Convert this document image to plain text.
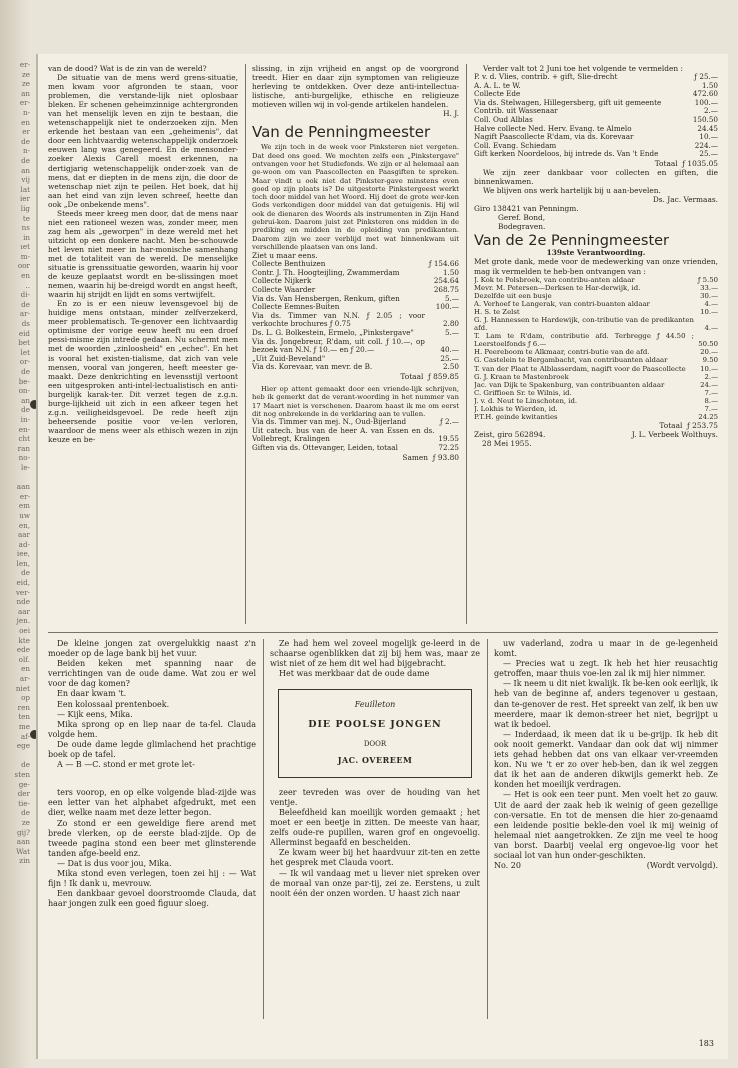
er-
ze
ze
an
er-
n-
en
er
de
n-
de
an
vij
lat
ier
lig
te
ns
in
ıet
m-
oor
en
..
di-
de
ar-
ds
eid
bet
let
or-
de
be-
on-
an
de
in-
en-
cht
ran
no-
le-
aan
er-
em
uw
en,
aar
ad-
iee,
len,
de
eid,
ver-
nde
aar
jen.
oei
kte
ede
olf.
en
ar-
niet
op
ren
ten
me
af-
ege
de
sten
ge-
der
tie-
de
ze
gij?
aan
Wat
zin

van de dood? Wat is de zin van de wereld?

De situatie van de mens werd grens-situatie, men kwam voor afgronden te staan, voor problemen, die verstande-lijk niet oplosbaar bleken. Er schenen geheimzinnige achtergronden van het menselijk leven en zijn te bestaan, die wetenschappelijk niet te onderzoeken zijn. Men erkende het bestaan van een „geheimenis", dat door een lichtvaardig wetenschappelijk onderzoek eeuwen lang was genegeerd. En de mensonder-zoeker Alexis Carell moest erkennen, na dertigjarig wetenschappelijk onder-zoek van de mens, dat er diepten in de mens zijn, die door de wetenschap niet zijn te peilen. Het boek, dat hij aan het eind van zijn leven schreef, heette dan ook „De onbekende mens".

Steeds meer kreeg men door, dat de mens naar niet een rationeel wezen was, zonder meer, men zag hem als „geworpen" in deze wereld met het uitzicht op een donkere nacht. Men be-schouwde het leven niet meer in har-monische samenhang met de totaliteit van de wereld. De menselijke situatie is grenssituatie geworden, waarin hij voor de keuze geplaatst wordt en be-slissingen moet nemen, waarin hij be-dreigd wordt en angst heeft, waarin hij strijdt en lijdt en soms vertwijfelt.

En zo is er een nieuw levensgevoel bij de huidige mens ontstaan, minder zelfverzekerd, meer problematisch. Te-genover een lichtvaardig optimisme der vorige eeuw heeft nu een droef pessi-misme zijn intrede gedaan. Nu schermt men met de woorden „zinloosheid" en „echec". En het is vooral het existen-tialisme, dat zich van vele mensen, vooral van jongeren, heeft meester ge-maakt. Deze denkrichting en levensstijl vertoont een uitgesproken anti-intel-lectualistisch en anti-burgelijk karak-ter. Dit verzet tegen de z.g.n. burge-lijkheid uit zich in een afkeer tegen het z.g.n. veiligheidsgevoel. De rede heeft zijn beheersende positie voor ve-len verloren, waardoor de mens weer als ethisch wezen in zijn keuze en be-

slissing, in zijn vrijheid en angst op de voorgrond treedt. Hier en daar zijn symptomen van religieuze herleving te ontdekken. Over deze anti-intellectua-listische, anti-burgelijke, ethische en religieuze motieven willen wij in vol-gende artikelen handelen.

H. J.
Van de Penningmeester

We zijn toch in de week voor Pinksteren niet vergeten. Dat deed ons goed. We mochten zelfs een „Pinkstergave" ontvangen voor het Studiefonds. We zijn er al helemaal aan ge-woon om van Paascollecten en Paasgiften te spreken. Maar vindt u ook niet dat Pinkster-gave minstens even goed op zijn plaats is? De uitgestorte Pinkstergeest werkt toch door middel van het Woord. Hij doet de grote wer-ken Gods verkondigen door middel van dat getuigenis. Hij wil ook de dienaren des Woords als instrumenten in Zijn Hand gebrui-ken. Daarom juist zet Pinksteren ons midden in de prediking en midden in de opleiding van predikanten. Daarom zijn we zeer verblijd met wat binnenkwam uit verschillende plaatsen van ons land.

Ziet u maar eens.
Collecte Benthuizen	ƒ 154.66
Contr. J. Th. Hoogteijling, Zwammerdam	1.50
Collecte Nijkerk	254.64
Collecte Waarder	268.75
Via ds. Van Hensbergen, Renkum, giften	5.—
Collecte Eemnes-Buiten	100.—
Via ds. Timmer van N.N. ƒ 2.05 ; voor verkochte brochures ƒ 0.75	2.80
Ds. L. G. Bolkestein, Ermelo, „Pinkstergave"	5.—
Via ds. Jongebreur, R'dam, uit coll. ƒ 10.—, op bezoek van N.N. ƒ 10.— en ƒ 20.—	40.—
„Uit Zuid-Beveland"	25.—
Via ds. Korevaar, van mevr. de B.	2.50
Totaal ƒ 859.85

Hier op attent gemaakt door een vriende-lijk schrijven, heb ik gemerkt dat de verant-woording in het nummer van 17 Maart niet is verschenen. Daarom haast ik me om eerst dit nog onbrekende in de verklaring aan te vullen.

Via ds. Timmer van mej. N., Oud-Bijerland	ƒ 2.—
Uit catech. bus van de heer A. van Essen en ds. Vollebregt, Kralingen	19.55
Giften via ds. Ottevanger, Leiden, totaal	72.25
Samen ƒ 93.80

Verder valt tot 2 Juni toe het volgende te vermelden :

P. v. d. Vlies, contrib. + gift, Slie-drecht	ƒ 25.—
A. A. L. te W.	1.50
Collecte Ede	472.60
Via ds. Stelwagen, Hillegersberg, gift uit gemeente	100.—
Contrib. uit Wassenaar	2.—
Coll. Oud Alblas	150.50
Halve collecte Ned. Herv. Evang. te Almelo	24.45
Nagift Paascollecte R'dam, via ds. Korevaar	10.—
Coll. Evang. Schiedam	224.—
Gift kerken Noordeloos, bij intrede ds. Van 't Ende	25.—
Totaal ƒ 1035.05

We zijn zeer dankbaar voor collecten en giften, die binnenkwamen.

We blijven ons werk hartelijk bij u aan-bevelen.

Ds. Jac. Vermaas.
Giro 138421 van Penningm.
Geref. Bond,
Bodegraven.
Van de 2e Penningmeester
139ste Verantwoording.

Met grote dank, mede voor de medewerking van onze vrienden, mag ik vermelden te heb-ben ontvangen van :

J. Kok te Polsbroek, van contribu-anten aldaar	ƒ 5.50
Mevr. M. Petersen—Derksen te Har-derwijk, id.	33.—
Dezelfde uit een busje	30.—
A. Verhoef te Langerak, van contri-buanten aldaar	4.—
H. S. te Zelst	10.—
G. J. Hannessen te Hardewijk, con-tributie van de predikanten afd.	4.—
T. Lam te R'dam, contributie afd. Terbregge ƒ 44.50 ; Leerstoelfonds ƒ 6.—	50.50
H. Peereboom te Alkmaar, contri-butie van de afd.	20.—
G. Castelein te Bergambacht, van contribuanten aldaar	9.50
T. van der Plaat te Alblasserdam, nagift voor de Paascollecte	10.—
G. J. Kraan te Mastenbroek	2.—
Jac. van Dijk te Spakenburg, van contribuanten aldaar	24.—
C. Griffioen Sr. te Wilnis, id.	7.—
J. v. d. Neut te Linschoten, id.	8.—
J. Lokhis te Wierden, id.	7.—
P.T.H. geinde kwitanties	24.25
Totaal ƒ 253.75
Zeist, giro 562894.	J. L. Verbeek Wolthuys.
28 Mei 1955.

De kleine jongen zat overgelukkig naast z'n moeder op de lage bank bij het vuur.

Beiden keken met spanning naar de verrichtingen van de oude dame. Wat zou er wel voor de dag komen?

En daar kwam 't.

Een kolossaal prentenboek.

— Kijk eens, Mika.

Mika sprong op en liep naar de ta-fel. Clauda volgde hem.

De oude dame legde glimlachend het prachtige boek op de tafel.

A — B —C. stond er met grote let-

ters voorop, en op elke volgende blad-zijde was een letter van het alphabet afgedrukt, met een dier, welke naam met deze letter begon.

Zo stond er een geweldige fiere arend met brede vlerken, op de eerste blad-zijde. Op de tweede pagina stond een beer met glinsterende tanden afge-beeld enz.

— Dat is dus voor jou, Mika.

Mika stond even verlegen, toen zei hij : — Wat fijn ! Ik dank u, mevrouw.

Een dankbaar gevoel doorstroomde Clauda, dat haar jongen zulk een goed figuur sloeg.

Ze had hem wel zoveel mogelijk ge-leerd in de schaarse ogenblikken dat zij bij hem was, maar ze wist niet of ze hem dit wel had bijgebracht.

Het was merkbaar dat de oude dame

Feuilleton
DIE POOLSE JONGEN
DOOR
JAC. OVEREEM

zeer tevreden was over de houding van het ventje.

Beleefdheid kan moeilijk worden gemaakt ; het moet er een beetje in zitten. De meeste van haar, zelfs oude-re pupillen, waren grof en ongevoelig. Allerminst begaafd en bescheiden.

Ze kwam weer bij het haardvuur zit-ten en zette het gesprek met Clauda voort.

— Ik wil vandaag met u liever niet spreken over de moraal van onze par-tij, zei ze. Eerstens, u zult nooit één der onzen worden. U haast zich naar

uw vaderland, zodra u maar in de ge-legenheid komt.

— Precies wat u zegt. Ik heb het hier reusachtig getroffen, maar thuis voe-len zal ik mij hier nimmer.

— Ik neem u dit niet kwalijk. Ik be-ken ook eerlijk, ik heb van de beginne af, anders tegenover u gestaan, dan te-genover de rest. Het spreekt van zelf, ik ben uw meerdere, maar ik demon-streer het niet, begrijpt u wat ik bedoel.

— Inderdaad, ik meen dat ik u be-grijp. Ik heb dit ook nooit gemerkt. Vandaar dan ook dat wij nimmer iets gehad hebben dat ons van elkaar ver-vreemden kon. Nu we 't er zo over heb-ben, dan ik wel zeggen dat ik het aan de anderen dikwijls gemerkt heb. Ze konden het moeilijk verdragen.

— Het is ook een teer punt. Men voelt het zo gauw. Uit de aard der zaak heb ik weinig of geen gezellige con-versatie. En tot de mensen die hier zo-genaamd een leidende positie bekle-den voel ik mij weinig of helemaal niet aangetrokken. Ze zijn me veel te hoog van borst. Daarbij veelal erg ongevoe-lig voor het sociaal lot van hun onder-geschikten.

No. 20	(Wordt vervolgd).
183
